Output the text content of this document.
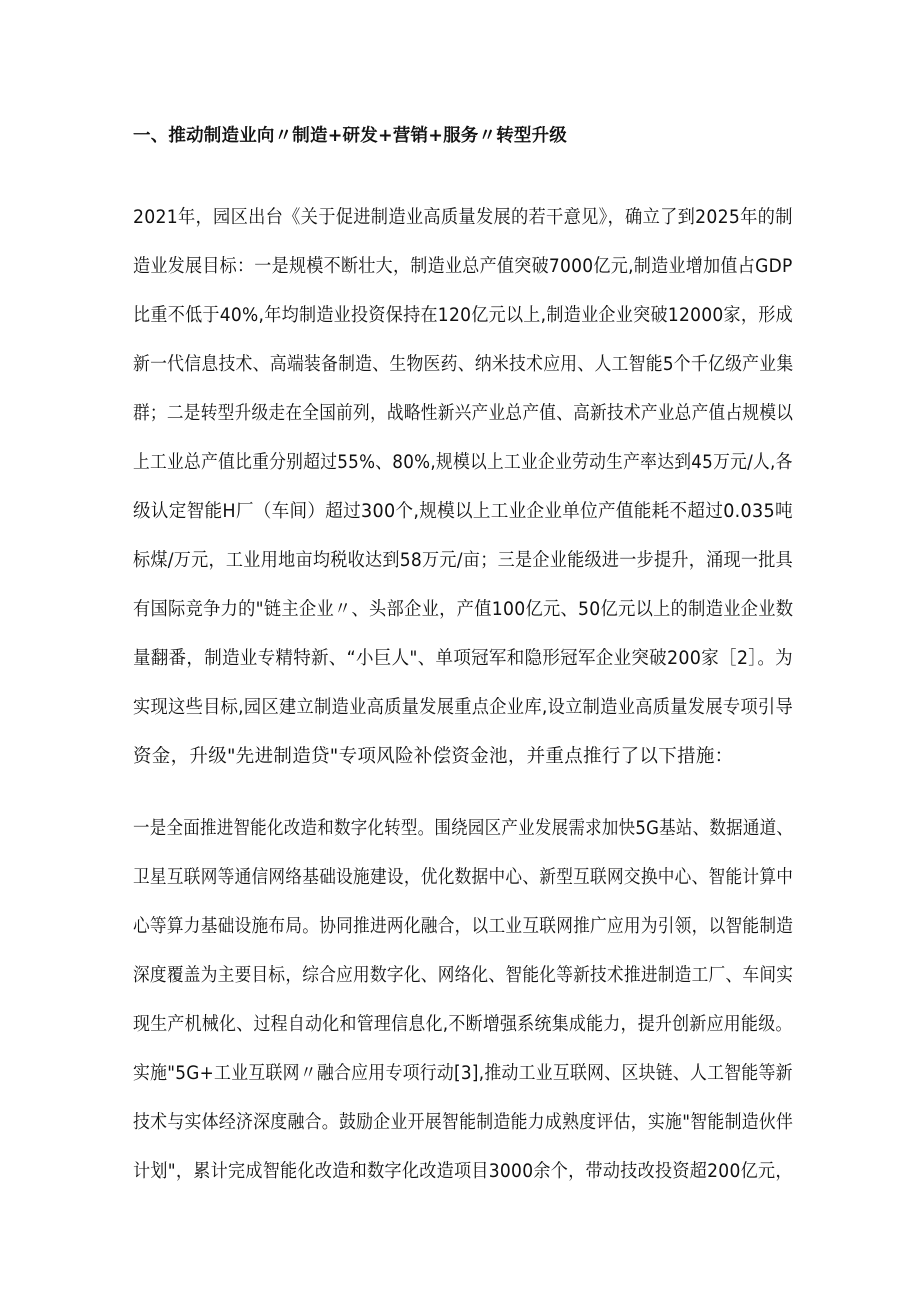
一、推动制造业向〃制造+研发+营销+服务〃转型升级
2021年，园区出台《关于促进制造业高质量发展的若干意见》，确立了到2025年的制
造业发展目标：一是规模不断壮大，制造业总产值突破7000亿元,制造业增加值占GDP
比重不低于40%,年均制造业投资保持在120亿元以上,制造业企业突破12000家，形成
新一代信息技术、高端装备制造、生物医药、纳米技术应用、人工智能5个千亿级产业集
群；二是转型升级走在全国前列，战略性新兴产业总产值、高新技术产业总产值占规模以
上工业总产值比重分别超过55%、80%,规模以上工业企业劳动生产率达到45万元/人,各
级认定智能H厂（车间）超过300个,规模以上工业企业单位产值能耗不超过0.035吨
标煤/万元，工业用地亩均税收达到58万元/亩；三是企业能级进一步提升，涌现一批具
有国际竞争力的"链主企业〃、头部企业，产值100亿元、50亿元以上的制造业企业数
量翻番，制造业专精特新、“小巨人"、单项冠军和隐形冠军企业突破200家［2］。为
实现这些目标,园区建立制造业高质量发展重点企业库,设立制造业高质量发展专项引导
资金，升级"先进制造贷"专项风险补偿资金池，并重点推行了以下措施：
一是全面推进智能化改造和数字化转型。围绕园区产业发展需求加快5G基站、数据通道、
卫星互联网等通信网络基础设施建设，优化数据中心、新型互联网交换中心、智能计算中
心等算力基础设施布局。协同推进两化融合，以工业互联网推广应用为引领，以智能制造
深度覆盖为主要目标，综合应用数字化、网络化、智能化等新技术推进制造工厂、车间实
现生产机械化、过程自动化和管理信息化,不断增强系统集成能力，提升创新应用能级。
实施"5G+工业互联网〃融合应用专项行动[3],推动工业互联网、区块链、人工智能等新
技术与实体经济深度融合。鼓励企业开展智能制造能力成熟度评估，实施"智能制造伙伴
计划"，累计完成智能化改造和数字化改造项目3000余个，带动技改投资超200亿元，
